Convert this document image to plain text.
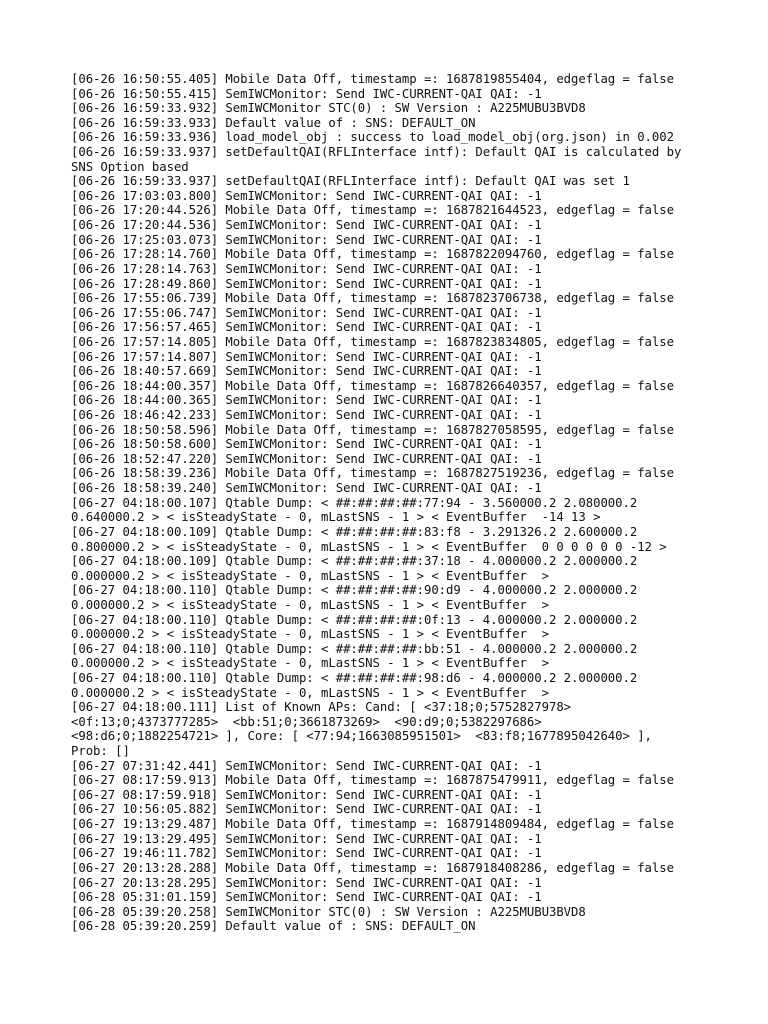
[06-26 16:50:55.405] Mobile Data Off, timestamp =: 1687819855404, edgeflag = false
[06-26 16:50:55.415] SemIWCMonitor: Send IWC-CURRENT-QAI QAI: -1
[06-26 16:59:33.932] SemIWCMonitor STC(0) : SW Version : A225MUBU3BVD8
[06-26 16:59:33.933] Default value of : SNS: DEFAULT_ON
[06-26 16:59:33.936] load_model_obj : success to load_model_obj(org.json) in 0.002
[06-26 16:59:33.937] setDefaultQAI(RFLInterface intf): Default QAI is calculated by
SNS Option based
[06-26 16:59:33.937] setDefaultQAI(RFLInterface intf): Default QAI was set 1
[06-26 17:03:03.800] SemIWCMonitor: Send IWC-CURRENT-QAI QAI: -1
[06-26 17:20:44.526] Mobile Data Off, timestamp =: 1687821644523, edgeflag = false
[06-26 17:20:44.536] SemIWCMonitor: Send IWC-CURRENT-QAI QAI: -1
[06-26 17:25:03.073] SemIWCMonitor: Send IWC-CURRENT-QAI QAI: -1
[06-26 17:28:14.760] Mobile Data Off, timestamp =: 1687822094760, edgeflag = false
[06-26 17:28:14.763] SemIWCMonitor: Send IWC-CURRENT-QAI QAI: -1
[06-26 17:28:49.860] SemIWCMonitor: Send IWC-CURRENT-QAI QAI: -1
[06-26 17:55:06.739] Mobile Data Off, timestamp =: 1687823706738, edgeflag = false
[06-26 17:55:06.747] SemIWCMonitor: Send IWC-CURRENT-QAI QAI: -1
[06-26 17:56:57.465] SemIWCMonitor: Send IWC-CURRENT-QAI QAI: -1
[06-26 17:57:14.805] Mobile Data Off, timestamp =: 1687823834805, edgeflag = false
[06-26 17:57:14.807] SemIWCMonitor: Send IWC-CURRENT-QAI QAI: -1
[06-26 18:40:57.669] SemIWCMonitor: Send IWC-CURRENT-QAI QAI: -1
[06-26 18:44:00.357] Mobile Data Off, timestamp =: 1687826640357, edgeflag = false
[06-26 18:44:00.365] SemIWCMonitor: Send IWC-CURRENT-QAI QAI: -1
[06-26 18:46:42.233] SemIWCMonitor: Send IWC-CURRENT-QAI QAI: -1
[06-26 18:50:58.596] Mobile Data Off, timestamp =: 1687827058595, edgeflag = false
[06-26 18:50:58.600] SemIWCMonitor: Send IWC-CURRENT-QAI QAI: -1
[06-26 18:52:47.220] SemIWCMonitor: Send IWC-CURRENT-QAI QAI: -1
[06-26 18:58:39.236] Mobile Data Off, timestamp =: 1687827519236, edgeflag = false
[06-26 18:58:39.240] SemIWCMonitor: Send IWC-CURRENT-QAI QAI: -1
[06-27 04:18:00.107] Qtable Dump: < ##:##:##:##:77:94 - 3.560000.2 2.080000.2
0.640000.2 > < isSteadyState - 0, mLastSNS - 1 > < EventBuffer  -14 13 >
[06-27 04:18:00.109] Qtable Dump: < ##:##:##:##:83:f8 - 3.291326.2 2.600000.2
0.800000.2 > < isSteadyState - 0, mLastSNS - 1 > < EventBuffer  0 0 0 0 0 0 -12 >
[06-27 04:18:00.109] Qtable Dump: < ##:##:##:##:37:18 - 4.000000.2 2.000000.2
0.000000.2 > < isSteadyState - 0, mLastSNS - 1 > < EventBuffer  >
[06-27 04:18:00.110] Qtable Dump: < ##:##:##:##:90:d9 - 4.000000.2 2.000000.2
0.000000.2 > < isSteadyState - 0, mLastSNS - 1 > < EventBuffer  >
[06-27 04:18:00.110] Qtable Dump: < ##:##:##:##:0f:13 - 4.000000.2 2.000000.2
0.000000.2 > < isSteadyState - 0, mLastSNS - 1 > < EventBuffer  >
[06-27 04:18:00.110] Qtable Dump: < ##:##:##:##:bb:51 - 4.000000.2 2.000000.2
0.000000.2 > < isSteadyState - 0, mLastSNS - 1 > < EventBuffer  >
[06-27 04:18:00.110] Qtable Dump: < ##:##:##:##:98:d6 - 4.000000.2 2.000000.2
0.000000.2 > < isSteadyState - 0, mLastSNS - 1 > < EventBuffer  >
[06-27 04:18:00.111] List of Known APs: Cand: [ <37:18;0;5752827978>
<0f:13;0;4373777285>  <bb:51;0;3661873269>  <90:d9;0;5382297686>
<98:d6;0;1882254721> ], Core: [ <77:94;1663085951501>  <83:f8;1677895042640> ],
Prob: []
[06-27 07:31:42.441] SemIWCMonitor: Send IWC-CURRENT-QAI QAI: -1
[06-27 08:17:59.913] Mobile Data Off, timestamp =: 1687875479911, edgeflag = false
[06-27 08:17:59.918] SemIWCMonitor: Send IWC-CURRENT-QAI QAI: -1
[06-27 10:56:05.882] SemIWCMonitor: Send IWC-CURRENT-QAI QAI: -1
[06-27 19:13:29.487] Mobile Data Off, timestamp =: 1687914809484, edgeflag = false
[06-27 19:13:29.495] SemIWCMonitor: Send IWC-CURRENT-QAI QAI: -1
[06-27 19:46:11.782] SemIWCMonitor: Send IWC-CURRENT-QAI QAI: -1
[06-27 20:13:28.288] Mobile Data Off, timestamp =: 1687918408286, edgeflag = false
[06-27 20:13:28.295] SemIWCMonitor: Send IWC-CURRENT-QAI QAI: -1
[06-28 05:31:01.159] SemIWCMonitor: Send IWC-CURRENT-QAI QAI: -1
[06-28 05:39:20.258] SemIWCMonitor STC(0) : SW Version : A225MUBU3BVD8
[06-28 05:39:20.259] Default value of : SNS: DEFAULT_ON
